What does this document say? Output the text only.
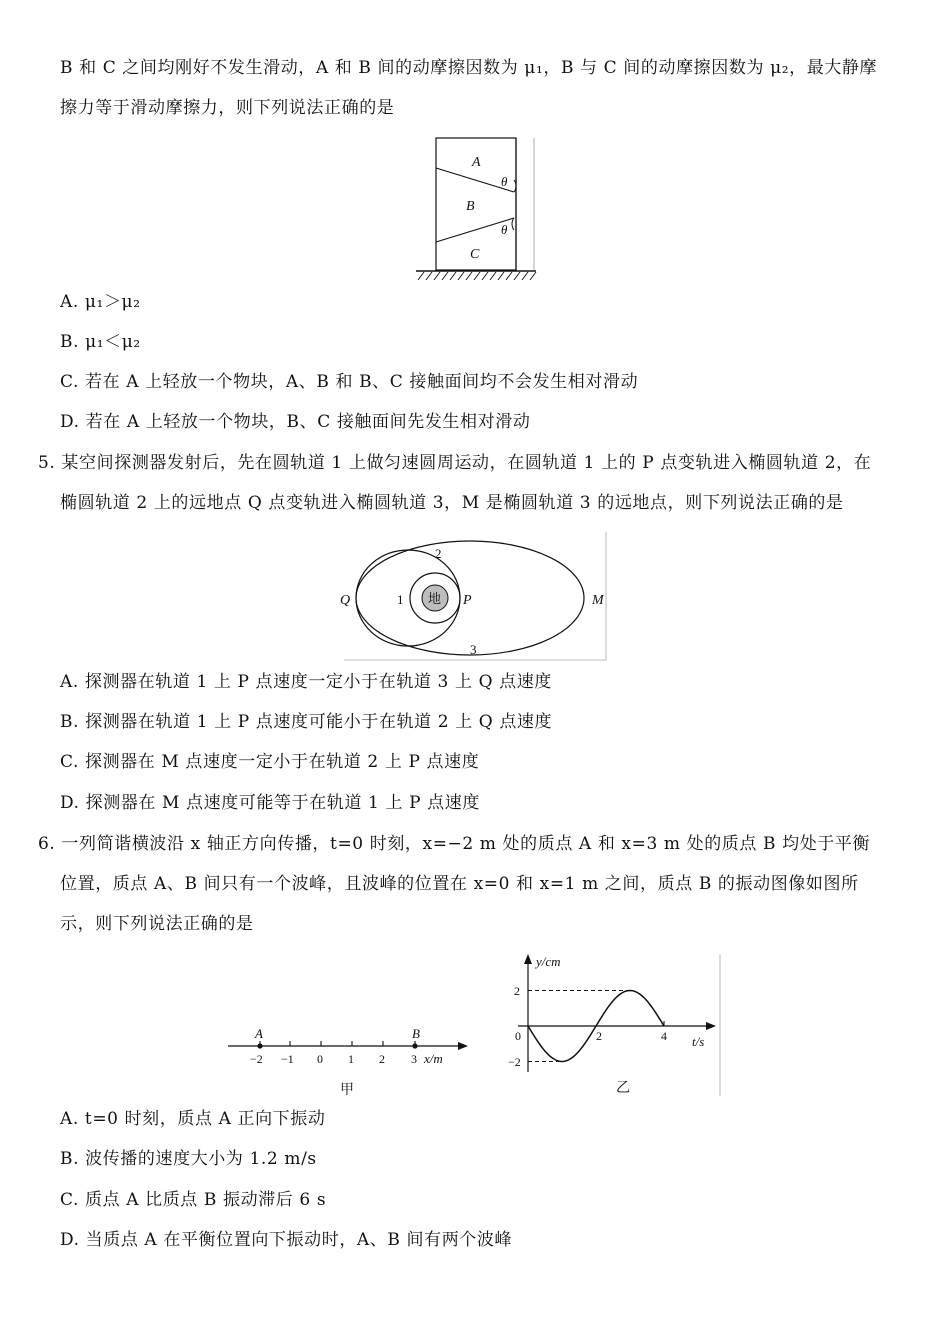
B 和 C 之间均刚好不发生滑动，A 和 B 间的动摩擦因数为 μ₁，B 与 C 间的动摩擦因数为 μ₂，最大静摩
擦力等于滑动摩擦力，则下列说法正确的是
A
B
C
θ
θ
A. μ₁＞μ₂
B. μ₁＜μ₂
C. 若在 A 上轻放一个物块，A、B 和 B、C 接触面间均不会发生相对滑动
D. 若在 A 上轻放一个物块，B、C 接触面间先发生相对滑动
5. 某空间探测器发射后，先在圆轨道 1 上做匀速圆周运动，在圆轨道 1 上的 P 点变轨进入椭圆轨道 2，在
椭圆轨道 2 上的远地点 Q 点变轨进入椭圆轨道 3，M 是椭圆轨道 3 的远地点，则下列说法正确的是
地
1
2
3
Q	P	M
A. 探测器在轨道 1 上 P 点速度一定小于在轨道 3 上 Q 点速度
B. 探测器在轨道 1 上 P 点速度可能小于在轨道 2 上 Q 点速度
C. 探测器在 M 点速度一定小于在轨道 2 上 P 点速度
D. 探测器在 M 点速度可能等于在轨道 1 上 P 点速度
6. 一列简谐横波沿 x 轴正方向传播，t=0 时刻，x=−2 m 处的质点 A 和 x=3 m 处的质点 B 均处于平衡
位置，质点 A、B 间只有一个波峰，且波峰的位置在 x=0 和 x=1 m 之间，质点 B 的振动图像如图所
示，则下列说法正确的是
A	B
−2 −1 0 1 2 3 x/m
甲
y/cm
t/s
2
0
−2
2	4
乙
A. t=0 时刻，质点 A 正向下振动
B. 波传播的速度大小为 1.2 m/s
C. 质点 A 比质点 B 振动滞后 6 s
D. 当质点 A 在平衡位置向下振动时，A、B 间有两个波峰
